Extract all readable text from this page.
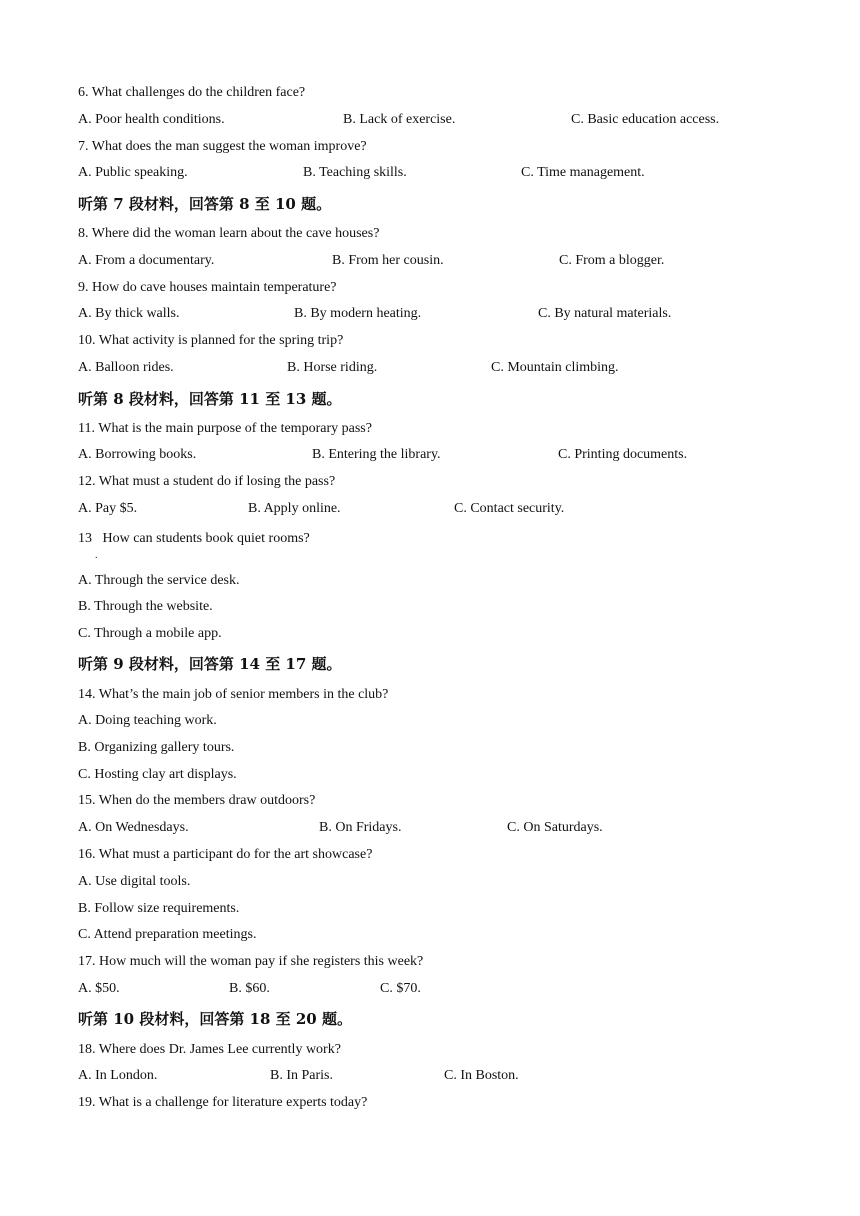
6. What challenges do the children face?
A. Poor health conditions.	B. Lack of exercise.	C. Basic education access.
7. What does the man suggest the woman improve?
A. Public speaking.	B. Teaching skills.	C. Time management.
听第 7 段材料，回答第 8 至 10 题。
8. Where did the woman learn about the cave houses?
A. From a documentary.	B. From her cousin.	C. From a blogger.
9. How do cave houses maintain temperature?
A. By thick walls.	B. By modern heating.	C. By natural materials.
10. What activity is planned for the spring trip?
A. Balloon rides.	B. Horse riding.	C. Mountain climbing.
听第 8 段材料，回答第 11 至 13 题。
11. What is the main purpose of the temporary pass?
A. Borrowing books.	B. Entering the library.	C. Printing documents.
12. What must a student do if losing the pass?
A. Pay $5.	B. Apply online.	C. Contact security.
13   How can students book quiet rooms?
.
A. Through the service desk.
B. Through the website.
C. Through a mobile app.
听第 9 段材料，回答第 14 至 17 题。
14. What’s the main job of senior members in the club?
A. Doing teaching work.
B. Organizing gallery tours.
C. Hosting clay art displays.
15. When do the members draw outdoors?
A. On Wednesdays.	B. On Fridays.	C. On Saturdays.
16. What must a participant do for the art showcase?
A. Use digital tools.
B. Follow size requirements.
C. Attend preparation meetings.
17. How much will the woman pay if she registers this week?
A. $50.	B. $60.	C. $70.
听第 10 段材料，回答第 18 至 20 题。
18. Where does Dr. James Lee currently work?
A. In London.	B. In Paris.	C. In Boston.
19. What is a challenge for literature experts today?
